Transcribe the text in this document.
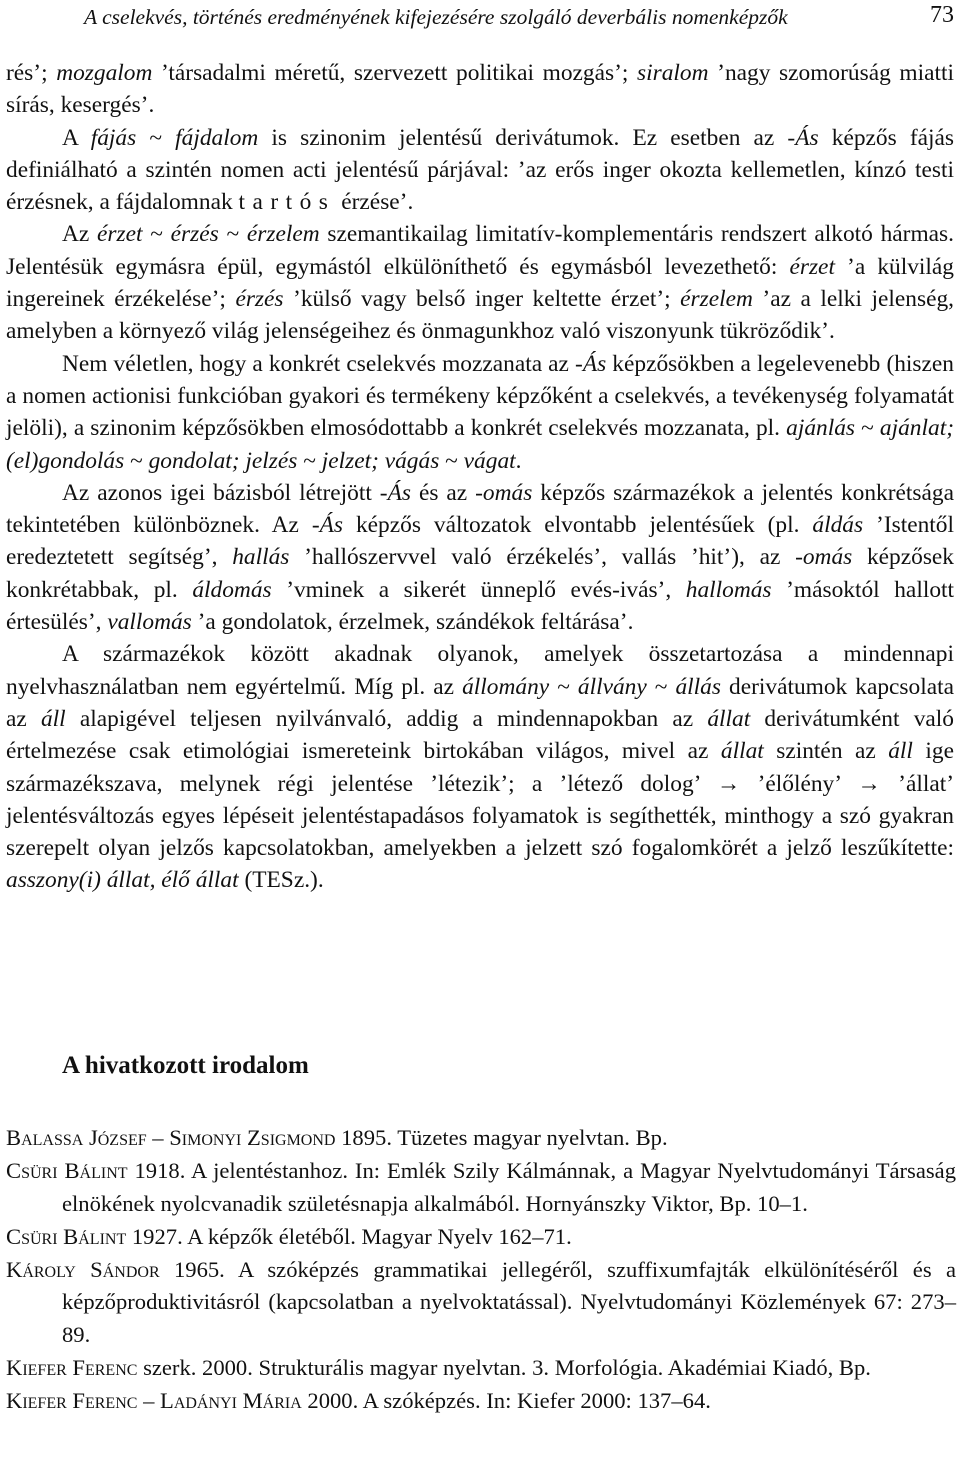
A cselekvés, történés eredményének kifejezésére szolgáló deverbális nomenképzők	73

rés’; mozgalom ’társadalmi méretű, szervezett politikai mozgás’; siralom ’nagy szomorúság miatti sírás, kesergés’.

A fájás ~ fájdalom is szinonim jelentésű derivátumok. Ez esetben az -Ás képzős fájás definiálható a szintén nomen acti jelentésű párjával: ’az erős inger okozta kellemetlen, kínzó testi érzésnek, a fájdalomnak tartós érzése’.

Az érzet ~ érzés ~ érzelem szemantikailag limitatív-komplementáris rendszert alkotó hármas. Jelentésük egymásra épül, egymástól elkülöníthető és egymásból levezethető: érzet ’a külvilág ingereinek érzékelése’; érzés ’külső vagy belső inger keltette érzet’; érzelem ’az a lelki jelenség, amelyben a környező világ jelenségeihez és önmagunkhoz való viszonyunk tükröződik’.

Nem véletlen, hogy a konkrét cselekvés mozzanata az -Ás képzősökben a legelevenebb (hiszen a nomen actionisi funkcióban gyakori és termékeny képzőként a cselekvés, a tevékenység folyamatát jelöli), a szinonim képzősökben elmosódottabb a konkrét cselekvés mozzanata, pl. ajánlás ~ ajánlat; (el)gondolás ~ gondolat; jelzés ~ jelzet; vágás ~ vágat.

Az azonos igei bázisból létrejött -Ás és az -omás képzős származékok a jelentés konkrétsága tekintetében különböznek. Az -Ás képzős változatok elvontabb jelentésűek (pl. áldás ’Istentől eredeztetett segítség’, hallás ’hallószervvel való érzékelés’, vallás ’hit’), az -omás képzősek konkrétabbak, pl. áldomás ’vminek a sikerét ünneplő evés-ivás’, hallomás ’másoktól hallott értesülés’, vallomás ’a gondolatok, érzelmek, szándékok feltárása’.

A származékok között akadnak olyanok, amelyek összetartozása a mindennapi nyelvhasználatban nem egyértelmű. Míg pl. az állomány ~ állvány ~ állás derivátumok kapcsolata az áll alapigével teljesen nyilvánvaló, addig a mindennapokban az állat derivátumként való értelmezése csak etimológiai ismereteink birtokában világos, mivel az állat szintén az áll ige származékszava, melynek régi jelentése ’létezik’; a ’létező dolog’ → ’élőlény’ → ’állat’ jelentésváltozás egyes lépéseit jelentéstapadásos folyamatok is segíthették, minthogy a szó gyakran szerepelt olyan jelzős kapcsolatokban, amelyekben a jelzett szó fogalomkörét a jelző leszűkítette: asszony(i) állat, élő állat (TESz.).

A hivatkozott irodalom
Balassa József – Simonyi Zsigmond 1895. Tüzetes magyar nyelvtan. Bp.
Csüri Bálint 1918. A jelentéstanhoz. In: Emlék Szily Kálmánnak, a Magyar Nyelvtudományi Társaság elnökének nyolcvanadik születésnapja alkalmából. Hornyánszky Viktor, Bp. 10–1.
Csüri Bálint 1927. A képzők életéből. Magyar Nyelv 162–71.
Károly Sándor 1965. A szóképzés grammatikai jellegéről, szuffixumfajták elkülönítéséről és a képzőproduktivitásról (kapcsolatban a nyelvoktatással). Nyelvtudományi Közlemények 67: 273–89.
Kiefer Ferenc szerk. 2000. Strukturális magyar nyelvtan. 3. Morfológia. Akadémiai Kiadó, Bp.
Kiefer Ferenc – Ladányi Mária 2000. A szóképzés. In: Kiefer 2000: 137–64.
